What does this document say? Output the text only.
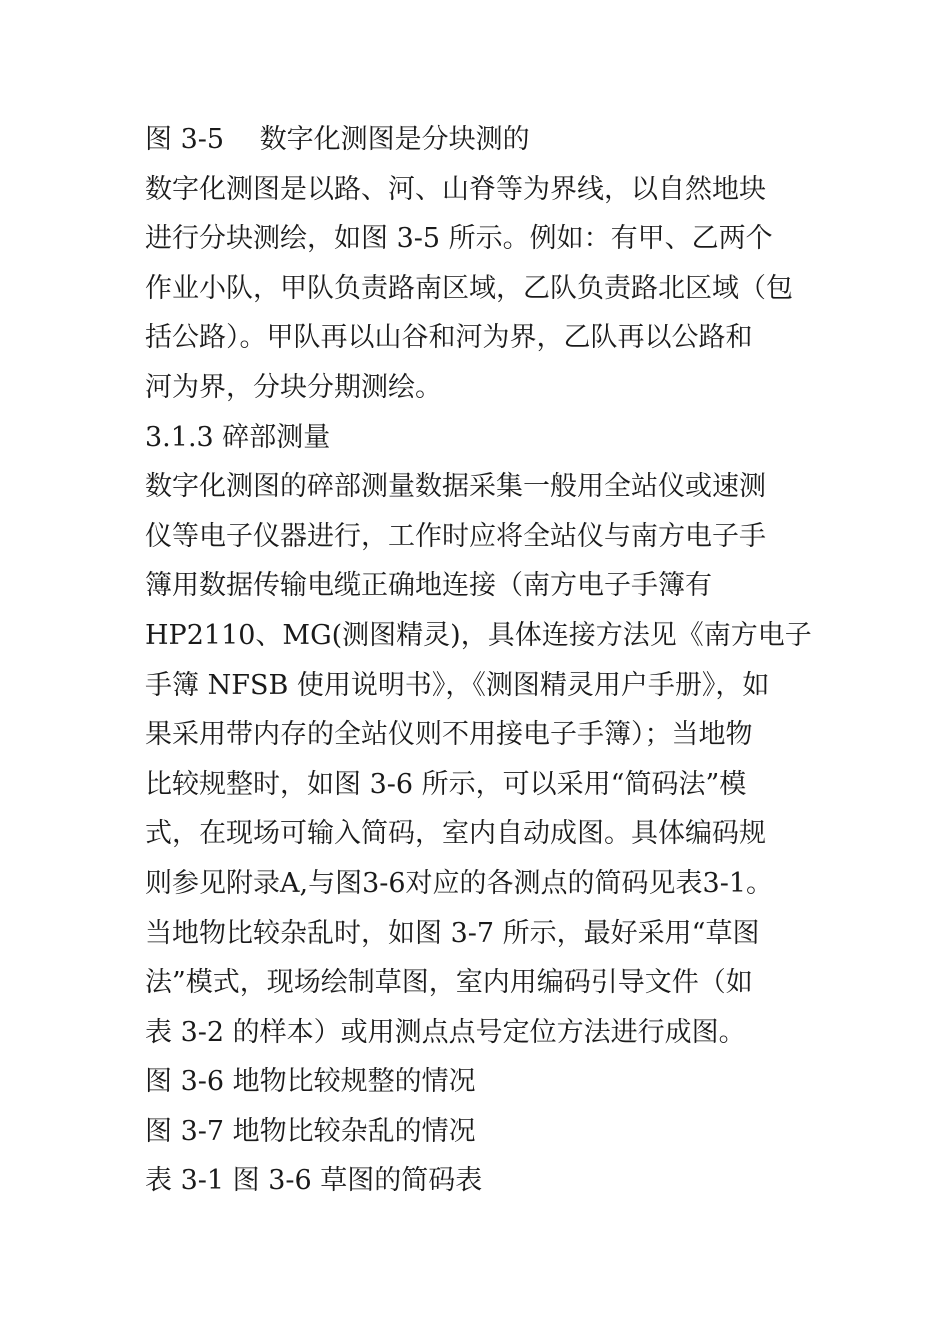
图 3-5　 数字化测图是分块测的
数字化测图是以路、河、山脊等为界线，以自然地块
进行分块测绘，如图 3-5 所示。例如：有甲、乙两个
作业小队，甲队负责路南区域，乙队负责路北区域（包
括公路）。甲队再以山谷和河为界，乙队再以公路和
河为界，分块分期测绘。
3.1.3 碎部测量
数字化测图的碎部测量数据采集一般用全站仪或速测
仪等电子仪器进行，工作时应将全站仪与南方电子手
簿用数据传输电缆正确地连接（南方电子手簿有
HP2110、MG(测图精灵)，具体连接方法见《南方电子
手簿 NFSB 使用说明书》，《测图精灵用户手册》，如
果采用带内存的全站仪则不用接电子手簿）；当地物
比较规整时，如图 3-6 所示，可以采用“简码法”模
式，在现场可输入简码，室内自动成图。具体编码规
则参见附录A,与图3-6对应的各测点的简码见表3-1。
当地物比较杂乱时，如图 3-7 所示，最好采用“草图
法”模式，现场绘制草图，室内用编码引导文件（如
表 3-2 的样本）或用测点点号定位方法进行成图。
图 3-6 地物比较规整的情况
图 3-7 地物比较杂乱的情况
表 3-1 图 3-6 草图的简码表
